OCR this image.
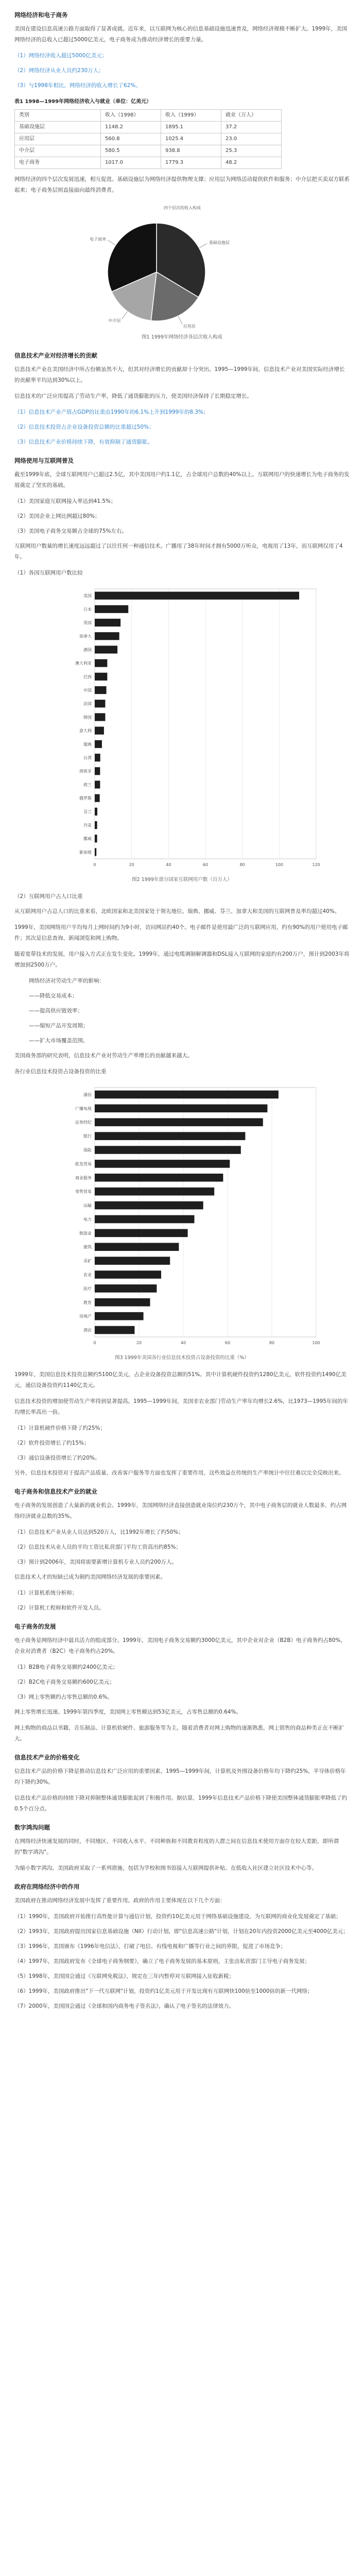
网络经济和电子商务

美国在建设信息高速公路方面取得了显著成就。近年来，以互联网为核心的信息基础设施迅速普及，网络经济规模不断扩大。1999年，美国网络经济的总收入已超过5000亿美元，电子商务成为推动经济增长的重要力量。

（1）网络经济收入超过5000亿美元；
（2）网络经济从业人员约230万人；
（3）与1998年相比，网络经济的收入增长了62%。
表1 1998—1999年网络经济收入与就业（单位：亿美元）
类别	收入（1998）	收入（1999）	就业（万人）
基础设施层	1148.2	1895.1	37.2
应用层	560.8	1025.4	23.0
中介层	580.5	938.8	25.3
电子商务	1017.0	1779.3	48.2

网络经济的四个层次发展迅速，相互促进。基础设施层为网络经济提供物理支撑；应用层为网络活动提供软件和服务；中介层把买卖双方联系起来；电子商务层则直接面向最终消费者。

四个层次的收入构成
基础设施层
应用层
中介层
电子商务
图1 1999年网络经济各层次收入构成
信息技术产业对经济增长的贡献

信息技术产业在美国经济中所占份额虽然不大，但其对经济增长的贡献却十分突出。1995—1999年间，信息技术产业对美国实际经济增长的贡献率平均达到30%以上。

信息技术的广泛应用提高了劳动生产率，降低了通货膨胀的压力，使美国经济保持了长期稳定增长。

（1）信息技术产业产值占GDP的比重由1990年的6.1%上升到1999年的8.3%；
（2）信息技术投资占企业设备投资总额的比重超过50%；
（3）信息技术产业价格持续下降，有效抑制了通货膨胀。
网络使用与互联网普及

截至1999年底，全球互联网用户已超过2.5亿，其中美国用户约1.1亿，占全球用户总数的40%以上。互联网用户的快速增长为电子商务的发展奠定了坚实的基础。

（1）美国家庭互联网接入率达到41.5%；
（2）美国企业上网比例超过80%；
（3）美国电子商务交易额占全球的75%左右。

互联网用户数量的增长速度远远超过了以往任何一种通信技术。广播用了38年时间才拥有5000万听众，电视用了13年，而互联网仅用了4年。

（1）各国互联网用户数比较
美国
日本
英国
加拿大
德国
澳大利亚
巴西
中国
法国
韩国
意大利
瑞典
台湾
西班牙
荷兰
俄罗斯
芬兰
丹麦
挪威
新加坡
0	20	40	60	80	100	120
图2 1999年部分国家互联网用户数（百万人）
（2）互联网用户占人口比重

从互联网用户占总人口的比重来看，北欧国家和北美国家处于领先地位。瑞典、挪威、芬兰、加拿大和美国的互联网普及率均超过40%。

1999年，美国网络用户平均每月上网时间约为9小时，访问网站约40个。电子邮件是使用最广泛的互联网应用，约有90%的用户使用电子邮件；其次是信息查询、新闻浏览和网上购物。

随着宽带技术的发展，用户接入方式正在发生变化。1999年，通过电缆调制解调器和DSL接入互联网的家庭约有200万户，预计到2003年将增加到2500万户。

网络经济对劳动生产率的影响：
——降低交易成本；
——提高供应链效率；
——缩短产品开发周期；
——扩大市场覆盖范围。

美国商务部的研究表明，信息技术产业对劳动生产率增长的贡献越来越大。

各行业信息技术投资占设备投资的比重
通信
广播电视
证券经纪
银行
保险
批发贸易
商业服务
零售贸易
运输
电力
制造业
建筑
采矿
农业
医疗
教育
房地产
酒店
0	20	40	60	80	100
图3 1999年美国各行业信息技术投资占设备投资的比重（%）

1999年，美国信息技术投资总额约5100亿美元，占企业设备投资总额的51%。其中计算机硬件投资约1280亿美元，软件投资约1490亿美元，通信设备投资约1140亿美元。

信息技术投资的增加使劳动生产率得到显著提高。1995—1999年间，美国非农业部门劳动生产率年均增长2.6%，比1973—1995年间的年均增长率高出一倍。

（1）计算机硬件价格下降了约25%；
（2）软件投资增长了约15%；
（3）通信设备投资增长了约20%。

另外，信息技术投资对于提高产品质量、改善客户服务等方面也发挥了重要作用，这些效益在传统的生产率统计中往往难以完全反映出来。

电子商务和信息技术产业的就业

电子商务的发展创造了大量新的就业机会。1999年，美国网络经济直接创造就业岗位约230万个，其中电子商务层的就业人数最多，约占网络经济就业总数的35%。

（1）信息技术产业从业人员达到520万人，比1992年增长了约50%；
（2）信息技术从业人员的平均工资比私营部门平均工资高出约85%；
（3）预计到2006年，美国将需要新增计算机专业人员约200万人。

信息技术人才的短缺已成为制约美国网络经济发展的重要因素。

（1）计算机系统分析师；
（2）计算机工程师和软件开发人员。
电子商务的发展

电子商务是网络经济中最具活力的组成部分。1999年，美国电子商务交易额约3000亿美元，其中企业对企业（B2B）电子商务约占80%，企业对消费者（B2C）电子商务约占20%。

（1）B2B电子商务交易额约2400亿美元；
（2）B2C电子商务交易额约600亿美元；
（3）网上零售额约占零售总额的0.6%。

网上零售增长迅速。1999年第四季度，美国网上零售额达到53亿美元，占零售总额的0.64%。

网上购物的商品以书籍、音乐制品、计算机软硬件、旅游服务等为主。随着消费者对网上购物的逐渐熟悉，网上销售的商品种类正在不断扩大。

信息技术产业的价格变化

信息技术产品的价格下降是推动信息技术广泛应用的重要因素。1995—1999年间，计算机及外围设备价格年均下降约25%，半导体价格年均下降约30%。

信息技术产品价格的持续下降对抑制整体通货膨胀起到了积极作用。据估算，1999年信息技术产品价格下降使美国整体通货膨胀率降低了约0.5个百分点。

数字鸿沟问题

在网络经济快速发展的同时，不同地区、不同收入水平、不同种族和不同教育程度的人群之间在信息技术使用方面存在较大差距，即所谓的"数字鸿沟"。

为缩小数字鸿沟，美国政府采取了一系列措施，包括为学校和图书馆接入互联网提供补贴、在低收入社区建立社区技术中心等。

政府在网络经济中的作用

美国政府在推动网络经济发展中发挥了重要作用。政府的作用主要体现在以下几个方面：

（1）1990年，美国政府开始推行高性能计算与通信计划，投资约10亿美元用于网络基础设施建设，为互联网的商业化发展奠定了基础；
（2）1993年，美国政府提出国家信息基础设施（NII）行动计划，即"信息高速公路"计划，计划在20年内投资2000亿美元至4000亿美元；
（3）1996年，美国颁布《1996年电信法》，打破了电信、有线电视和广播等行业之间的界限，促进了市场竞争；
（4）1997年，美国政府发布《全球电子商务纲要》，确立了电子商务发展的基本原则，主张由私营部门主导电子商务发展；
（5）1998年，美国国会通过《互联网免税法》，规定在三年内暂停对互联网接入征收新税；
（6）1999年，美国政府推出"下一代互联网"计划，投资约1亿美元用于开发比现有互联网快100倍至1000倍的新一代网络；
（7）2000年，美国国会通过《全球和国内商务电子签名法》，确认了电子签名的法律效力。
